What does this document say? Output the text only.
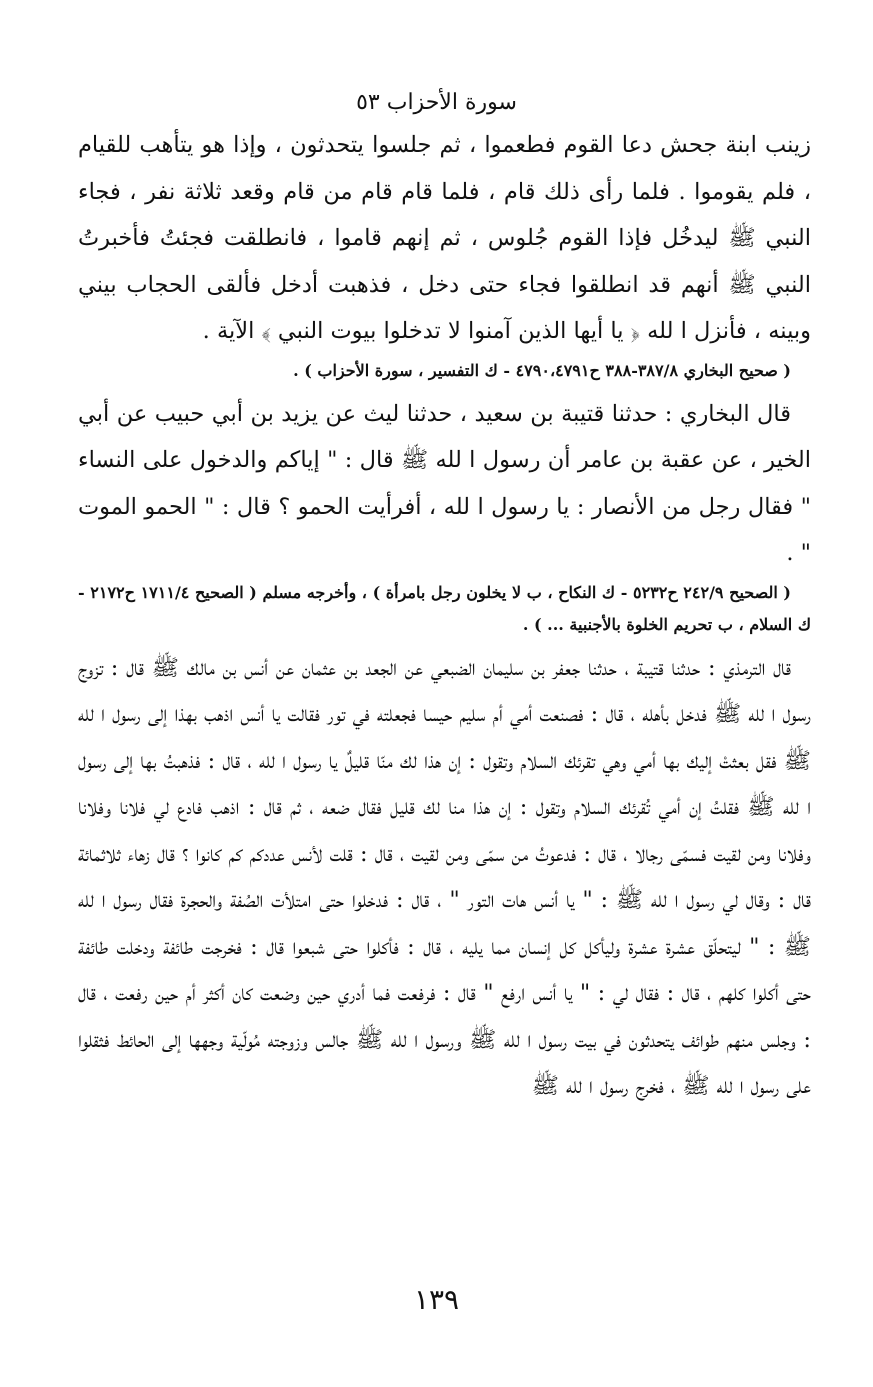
سورة الأحزاب ٥٣

زينب ابنة جحش دعا القوم فطعموا ، ثم جلسوا يتحدثون ، وإذا هو يتأهب للقيام ، فلم يقوموا . فلما رأى ذلك قام ، فلما قام قام من قام وقعد ثلاثة نفر ، فجاء النبي ﷺ ليدخُل فإذا القوم جُلوس ، ثم إنهم قاموا ، فانطلقت فجئتُ فأخبرتُ النبي ﷺ أنهم قد انطلقوا فجاء حتى دخل ، فذهبت أدخل فألقى الحجاب بيني وبينه ، فأنزل ا لله ﴿ يا أيها الذين آمنوا لا تدخلوا بيوت النبي ﴾ الآية .

( صحيح البخاري ٣٨٧/٨-٣٨٨ ح٤٧٩٠،٤٧٩١ - ك التفسير ، سورة الأحزاب ) .

قال البخاري : حدثنا قتيبة بن سعيد ، حدثنا ليث عن يزيد بن أبي حبيب عن أبي الخير ، عن عقبة بن عامر أن رسول ا لله ﷺ قال : " إياكم والدخول على النساء " فقال رجل من الأنصار : يا رسول ا لله ، أفرأيت الحمو ؟ قال : " الحمو الموت " .

( الصحيح ٢٤٢/٩ ح٥٢٣٢ - ك النكاح ، ب لا يخلون رجل بامرأة ) ، وأخرجه مسلم ( الصحيح ١٧١١/٤ ح٢١٧٢ - ك السلام ، ب تحريم الخلوة بالأجنبية ... ) .

قال الترمذي : حدثنا قتيبة ، حدثنا جعفر بن سليمان الضبعي عن الجعد بن عثمان عن أنس بن مالك ﷺ قال : تزوج رسول ا لله ﷺ فدخل بأهله ، قال : فصنعت أمي أم سليم حيسا فجعلته في تور فقالت يا أنس اذهب بهذا إلى رسول ا لله ﷺ فقل بعثتْ إليك بها أمي وهي تقرئك السلام وتقول : إن هذا لك منّا قليلٌ يا رسول ا لله ، قال : فذهبتُ بها إلى رسول ا لله ﷺ فقلتُ إن أمي تُقرئك السلام وتقول : إن هذا منا لك قليل فقال ضعه ، ثم قال : اذهب فادع لي فلانا وفلانا وفلانا ومن لقيت فسمّى رجالا ، قال : فدعوتُ من سمّى ومن لقيت ، قال : قلت لأنس عددكم كم كانوا ؟ قال زهاء ثلاثمائة قال : وقال لي رسول ا لله ﷺ : " يا أنس هات التور " ، قال : فدخلوا حتى امتلأت الصُفة والحجرة فقال رسول ا لله ﷺ : " ليتحلّق عشرة عشرة وليأكل كل إنسان مما يليه ، قال : فأكلوا حتى شبعوا قال : فخرجت طائفة ودخلت طائفة حتى أكلوا كلهم ، قال : فقال لي : " يا أنس ارفع " قال : فرفعت فما أدري حين وضعت كان أكثر أم حين رفعت ، قال : وجلس منهم طوائف يتحدثون في بيت رسول ا لله ﷺ ورسول ا لله ﷺ جالس وزوجته مُولّية وجهها إلى الحائط فثقلوا على رسول ا لله ﷺ ، فخرج رسول ا لله ﷺ

١٣٩
